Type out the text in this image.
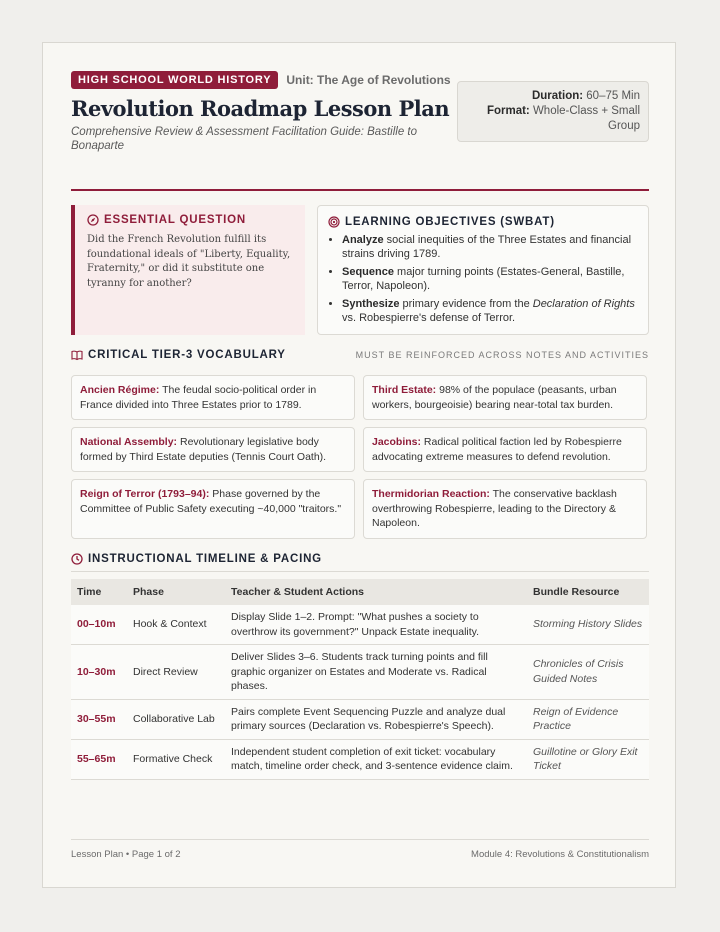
HIGH SCHOOL WORLD HISTORY	Unit: The Age of Revolutions
Revolution Roadmap Lesson Plan
Comprehensive Review & Assessment Facilitation Guide: Bastille to Bonaparte
Duration: 60–75 Min
Format: Whole-Class + Small Group
ESSENTIAL QUESTION
Did the French Revolution fulfill its foundational ideals of "Liberty, Equality, Fraternity," or did it substitute one tyranny for another?
LEARNING OBJECTIVES (SWBAT)
• Analyze social inequities of the Three Estates and financial strains driving 1789.
• Sequence major turning points (Estates-General, Bastille, Terror, Napoleon).
• Synthesize primary evidence from the Declaration of Rights vs. Robespierre's defense of Terror.
CRITICAL TIER-3 VOCABULARY	MUST BE REINFORCED ACROSS NOTES AND ACTIVITIES
Ancien Régime: The feudal socio-political order in France divided into Three Estates prior to 1789.
Third Estate: 98% of the populace (peasants, urban workers, bourgeoisie) bearing near-total tax burden.
National Assembly: Revolutionary legislative body formed by Third Estate deputies (Tennis Court Oath).
Jacobins: Radical political faction led by Robespierre advocating extreme measures to defend revolution.
Reign of Terror (1793–94): Phase governed by the Committee of Public Safety executing ~40,000 "traitors."
Thermidorian Reaction: The conservative backlash overthrowing Robespierre, leading to the Directory & Napoleon.
INSTRUCTIONAL TIMELINE & PACING
Time	Phase	Teacher & Student Actions	Bundle Resource
00–10m	Hook & Context	Display Slide 1–2. Prompt: "What pushes a society to overthrow its government?" Unpack Estate inequality.	Storming History Slides
10–30m	Direct Review	Deliver Slides 3–6. Students track turning points and fill graphic organizer on Estates and Moderate vs. Radical phases.	Chronicles of Crisis Guided Notes
30–55m	Collaborative Lab	Pairs complete Event Sequencing Puzzle and analyze dual primary sources (Declaration vs. Robespierre's Speech).	Reign of Evidence Practice
55–65m	Formative Check	Independent student completion of exit ticket: vocabulary match, timeline order check, and 3-sentence evidence claim.	Guillotine or Glory Exit Ticket
Lesson Plan • Page 1 of 2	Module 4: Revolutions & Constitutionalism
